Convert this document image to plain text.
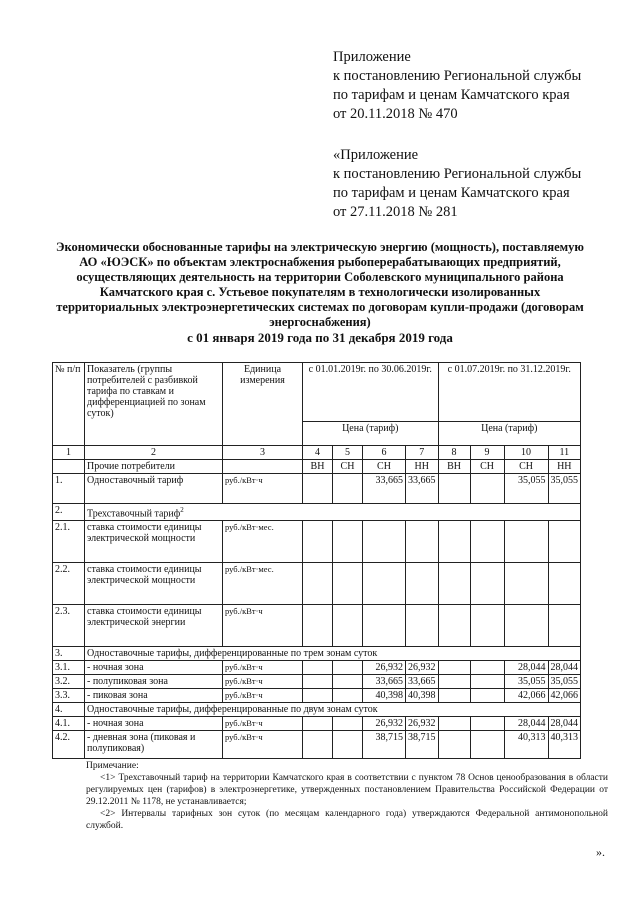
Приложение
к постановлению Региональной службы
по тарифам и ценам Камчатского края
от 20.11.2018 № 470
«Приложение
к постановлению Региональной службы
по тарифам и ценам Камчатского края
от 27.11.2018 № 281
Экономически обоснованные тарифы на электрическую энергию (мощность), поставляемую
АО «ЮЭСК» по объектам электроснабжения рыбоперерабатывающих предприятий,
осуществляющих деятельность на территории Соболевского муниципального района
Камчатского края с. Устьевое покупателям в технологически изолированных
территориальных электроэнергетических системах по договорам купли-продажи (договорам
энергоснабжения)
с 01 января 2019 года по 31 декабря 2019 года
№ п/п	Показатель (группы потребителей с разбивкой тарифа по ставкам и дифференциацией по зонам суток)	Единица измерения	с 01.01.2019г. по 30.06.2019г.				с 01.07.2019г. по 31.12.2019г.			
			Цена (тариф)				Цена (тариф)			
1	2	3	4	5	6	7	8	9	10	11
	Прочие потребители		ВН	СН	СН	НН	ВН	СН	СН	НН
1.	Одноставочный тариф	руб./кВт·ч			33,665	33,665			35,055	35,055
2.	Трехставочный тариф$^2$
2.1.	ставка стоимости единицы электрической мощности	руб./кВт·мес.								
2.2.	ставка стоимости единицы электрической мощности	руб./кВт·мес.								
2.3.	ставка стоимости единицы электрической энергии	руб./кВт·ч								
3.	Одноставочные тарифы, дифференцированные по трем зонам суток									
3.1.	- ночная зона	руб./кВт·ч			26,932	26,932			28,044	28,044
3.2.	- полупиковая зона	руб./кВт·ч			33,665	33,665			35,055	35,055
3.3.	- пиковая зона	руб./кВт·ч			40,398	40,398			42,066	42,066
4.	Одноставочные тарифы, дифференцированные по двум зонам суток									
4.1.	- ночная зона	руб./кВт·ч			26,932	26,932			28,044	28,044
4.2.	- дневная зона (пиковая и полупиковая)	руб./кВт·ч			38,715	38,715			40,313	40,313

Примечание:

<1> Трехставочный тариф на территории Камчатского края в соответствии с пунктом 78 Основ ценообразования в области регулируемых цен (тарифов) в электроэнергетике, утвержденных постановлением Правительства Российской Федерации от 29.12.2011 № 1178, не устанавливается;

<2> Интервалы тарифных зон суток (по месяцам календарного года) утверждаются Федеральной антимонопольной службой.

».
